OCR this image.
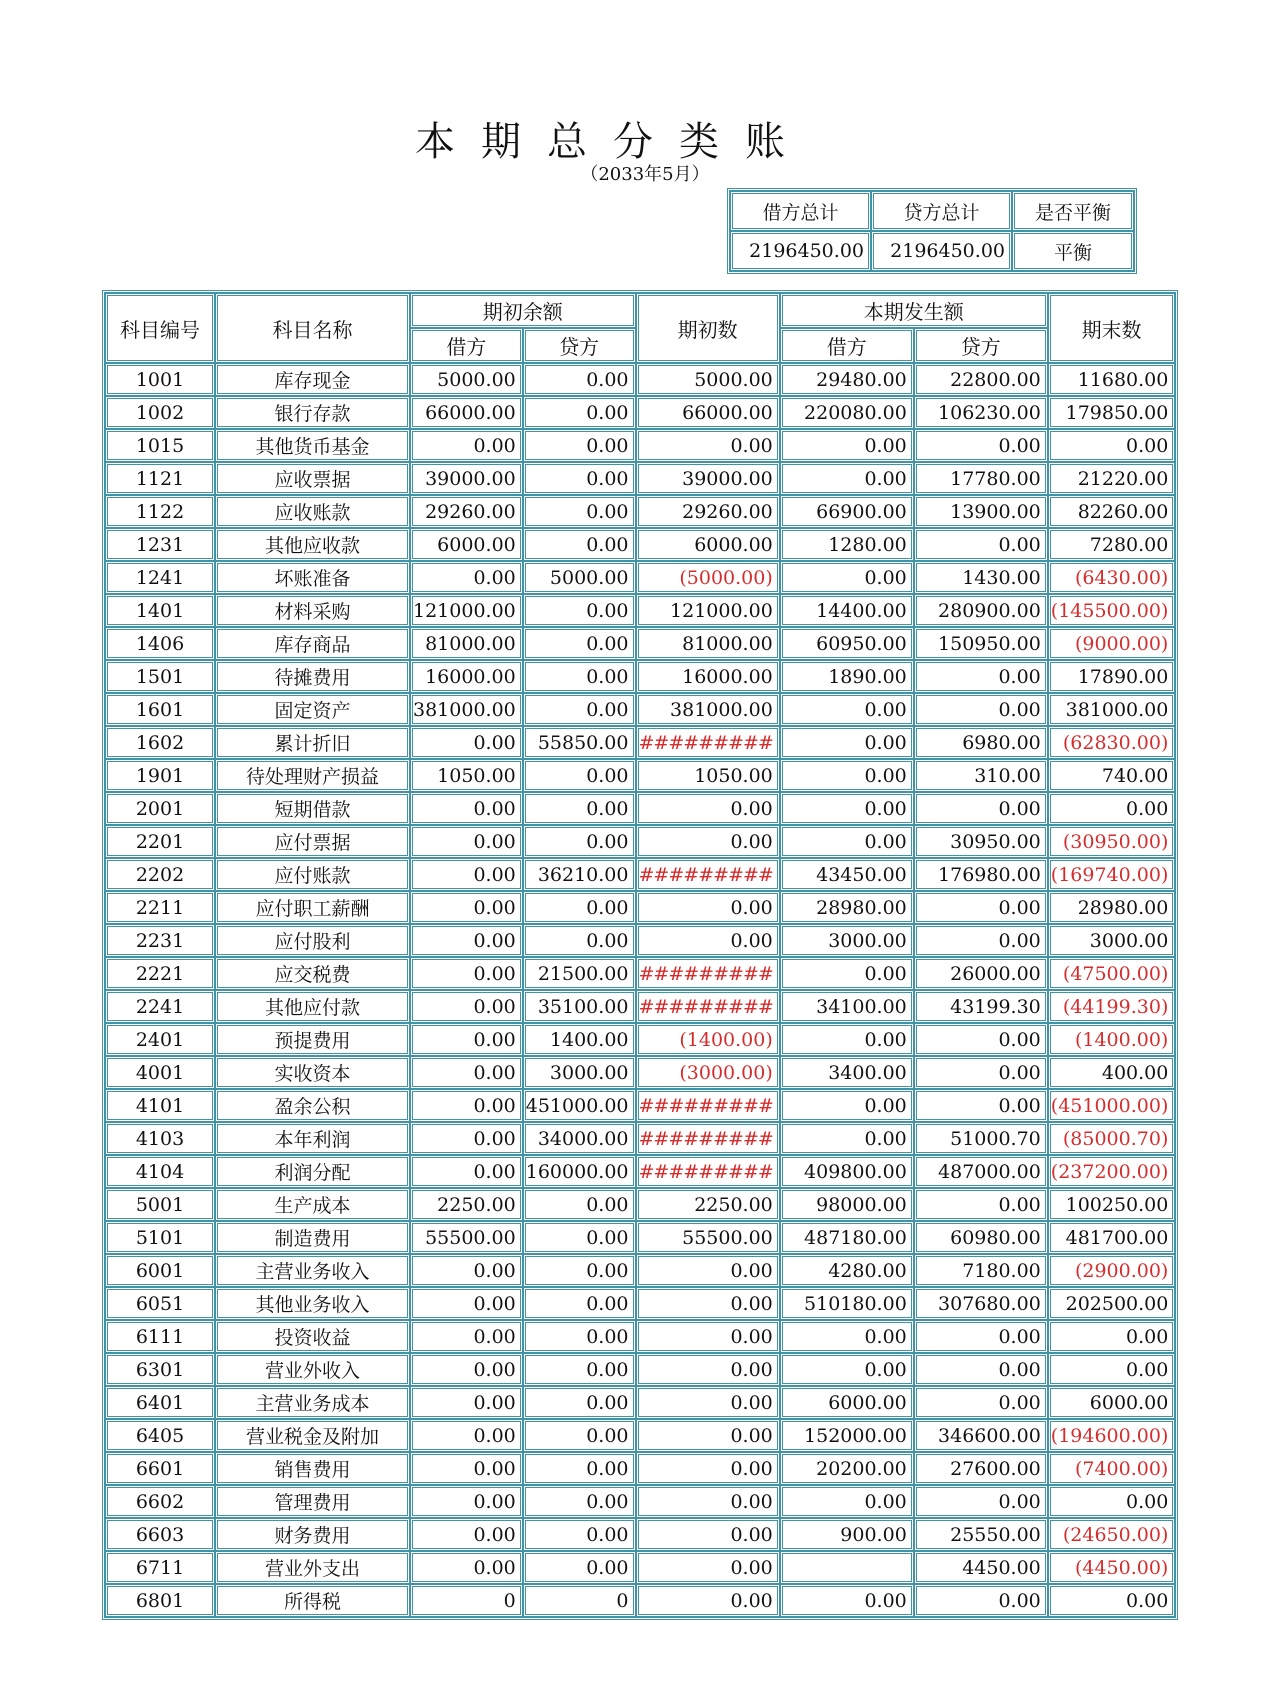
本期总分类账
（2033年5月）
借方总计	贷方总计	是否平衡
2196450.00	2196450.00	平衡
科目编号	科目名称	期初余额		期初数	本期发生额		期末数
		借方	贷方		借方	贷方	
1001	库存现金	5000.00	0.00	5000.00	29480.00	22800.00	11680.00
1002	银行存款	66000.00	0.00	66000.00	220080.00	106230.00	179850.00
1015	其他货币基金	0.00	0.00	0.00	0.00	0.00	0.00
1121	应收票据	39000.00	0.00	39000.00	0.00	17780.00	21220.00
1122	应收账款	29260.00	0.00	29260.00	66900.00	13900.00	82260.00
1231	其他应收款	6000.00	0.00	6000.00	1280.00	0.00	7280.00
1241	坏账准备	0.00	5000.00	(5000.00)	0.00	1430.00	(6430.00)
1401	材料采购	121000.00	0.00	121000.00	14400.00	280900.00	(145500.00)
1406	库存商品	81000.00	0.00	81000.00	60950.00	150950.00	(9000.00)
1501	待摊费用	16000.00	0.00	16000.00	1890.00	0.00	17890.00
1601	固定资产	381000.00	0.00	381000.00	0.00	0.00	381000.00
1602	累计折旧	0.00	55850.00	#########	0.00	6980.00	(62830.00)
1901	待处理财产损益	1050.00	0.00	1050.00	0.00	310.00	740.00
2001	短期借款	0.00	0.00	0.00	0.00	0.00	0.00
2201	应付票据	0.00	0.00	0.00	0.00	30950.00	(30950.00)
2202	应付账款	0.00	36210.00	#########	43450.00	176980.00	(169740.00)
2211	应付职工薪酬	0.00	0.00	0.00	28980.00	0.00	28980.00
2231	应付股利	0.00	0.00	0.00	3000.00	0.00	3000.00
2221	应交税费	0.00	21500.00	#########	0.00	26000.00	(47500.00)
2241	其他应付款	0.00	35100.00	#########	34100.00	43199.30	(44199.30)
2401	预提费用	0.00	1400.00	(1400.00)	0.00	0.00	(1400.00)
4001	实收资本	0.00	3000.00	(3000.00)	3400.00	0.00	400.00
4101	盈余公积	0.00	451000.00	#########	0.00	0.00	(451000.00)
4103	本年利润	0.00	34000.00	#########	0.00	51000.70	(85000.70)
4104	利润分配	0.00	160000.00	#########	409800.00	487000.00	(237200.00)
5001	生产成本	2250.00	0.00	2250.00	98000.00	0.00	100250.00
5101	制造费用	55500.00	0.00	55500.00	487180.00	60980.00	481700.00
6001	主营业务收入	0.00	0.00	0.00	4280.00	7180.00	(2900.00)
6051	其他业务收入	0.00	0.00	0.00	510180.00	307680.00	202500.00
6111	投资收益	0.00	0.00	0.00	0.00	0.00	0.00
6301	营业外收入	0.00	0.00	0.00	0.00	0.00	0.00
6401	主营业务成本	0.00	0.00	0.00	6000.00	0.00	6000.00
6405	营业税金及附加	0.00	0.00	0.00	152000.00	346600.00	(194600.00)
6601	销售费用	0.00	0.00	0.00	20200.00	27600.00	(7400.00)
6602	管理费用	0.00	0.00	0.00	0.00	0.00	0.00
6603	财务费用	0.00	0.00	0.00	900.00	25550.00	(24650.00)
6711	营业外支出	0.00	0.00	0.00		4450.00	(4450.00)
6801	所得税	0	0	0.00	0.00	0.00	0.00
